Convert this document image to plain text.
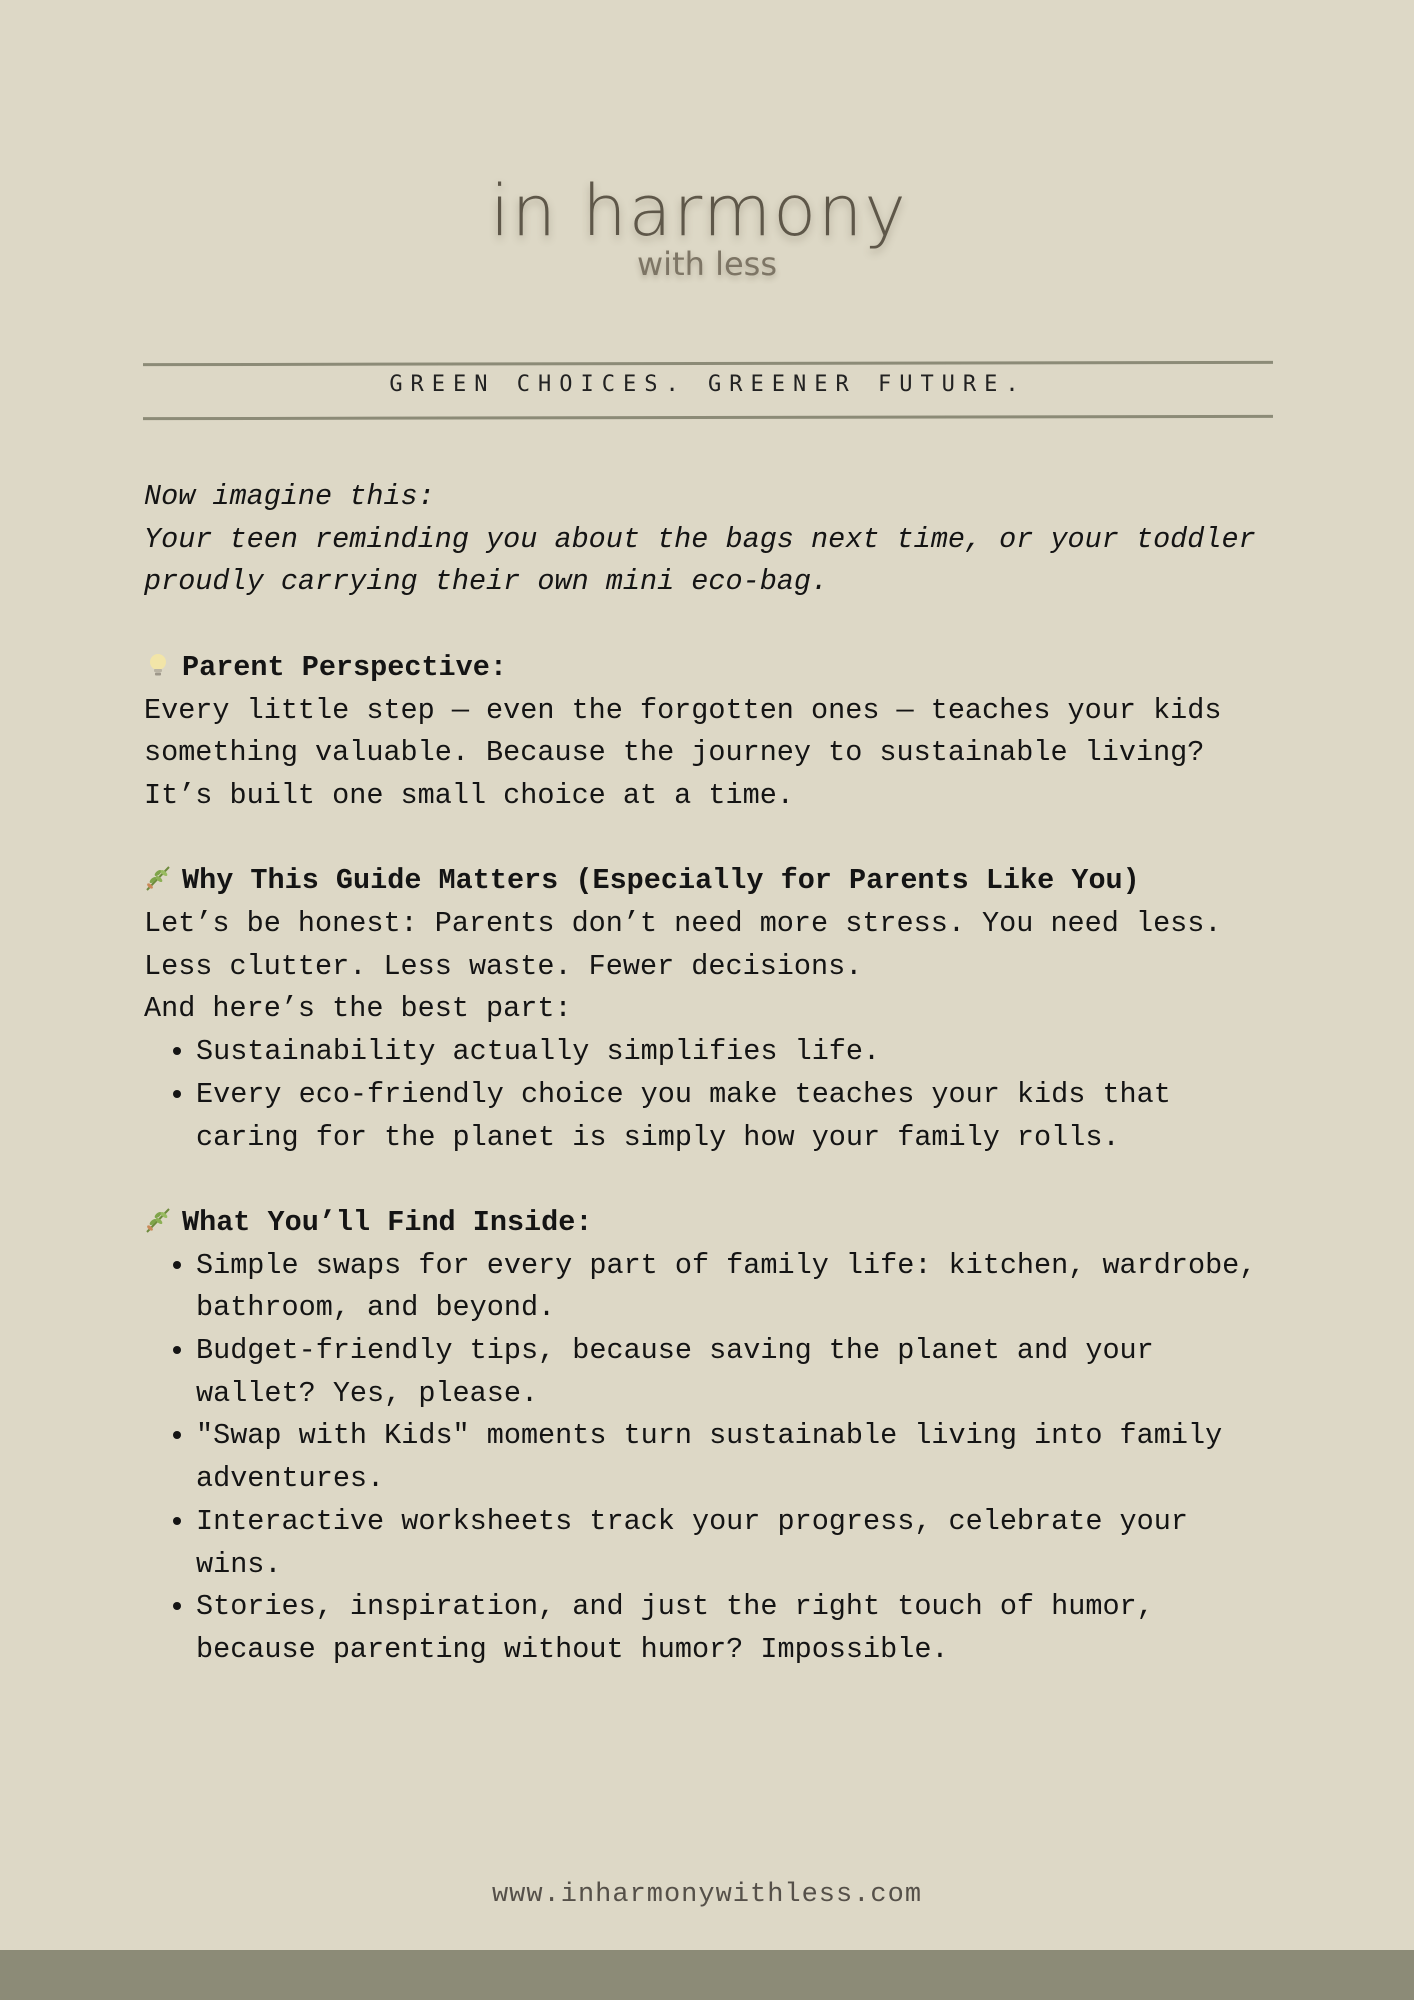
in harmony
with less
GREEN CHOICES. GREENER FUTURE.

Now imagine this:

Your teen reminding you about the bags next time, or your toddler proudly carrying their own mini eco-bag.

Parent Perspective:

Every little step — even the forgotten ones — teaches your kids something valuable. Because the journey to sustainable living? It’s built one small choice at a time.

Why This Guide Matters (Especially for Parents Like You)

Let’s be honest: Parents don’t need more stress. You need less. Less clutter. Less waste. Fewer decisions.

And here’s the best part:

• Sustainability actually simplifies life.
• Every eco-friendly choice you make teaches your kids that caring for the planet is simply how your family rolls.

What You’ll Find Inside:

• Simple swaps for every part of family life: kitchen, wardrobe, bathroom, and beyond.
• Budget-friendly tips, because saving the planet and your wallet? Yes, please.
• "Swap with Kids" moments turn sustainable living into family adventures.
• Interactive worksheets track your progress, celebrate your wins.
• Stories, inspiration, and just the right touch of humor, because parenting without humor? Impossible.
www.inharmonywithless.com
